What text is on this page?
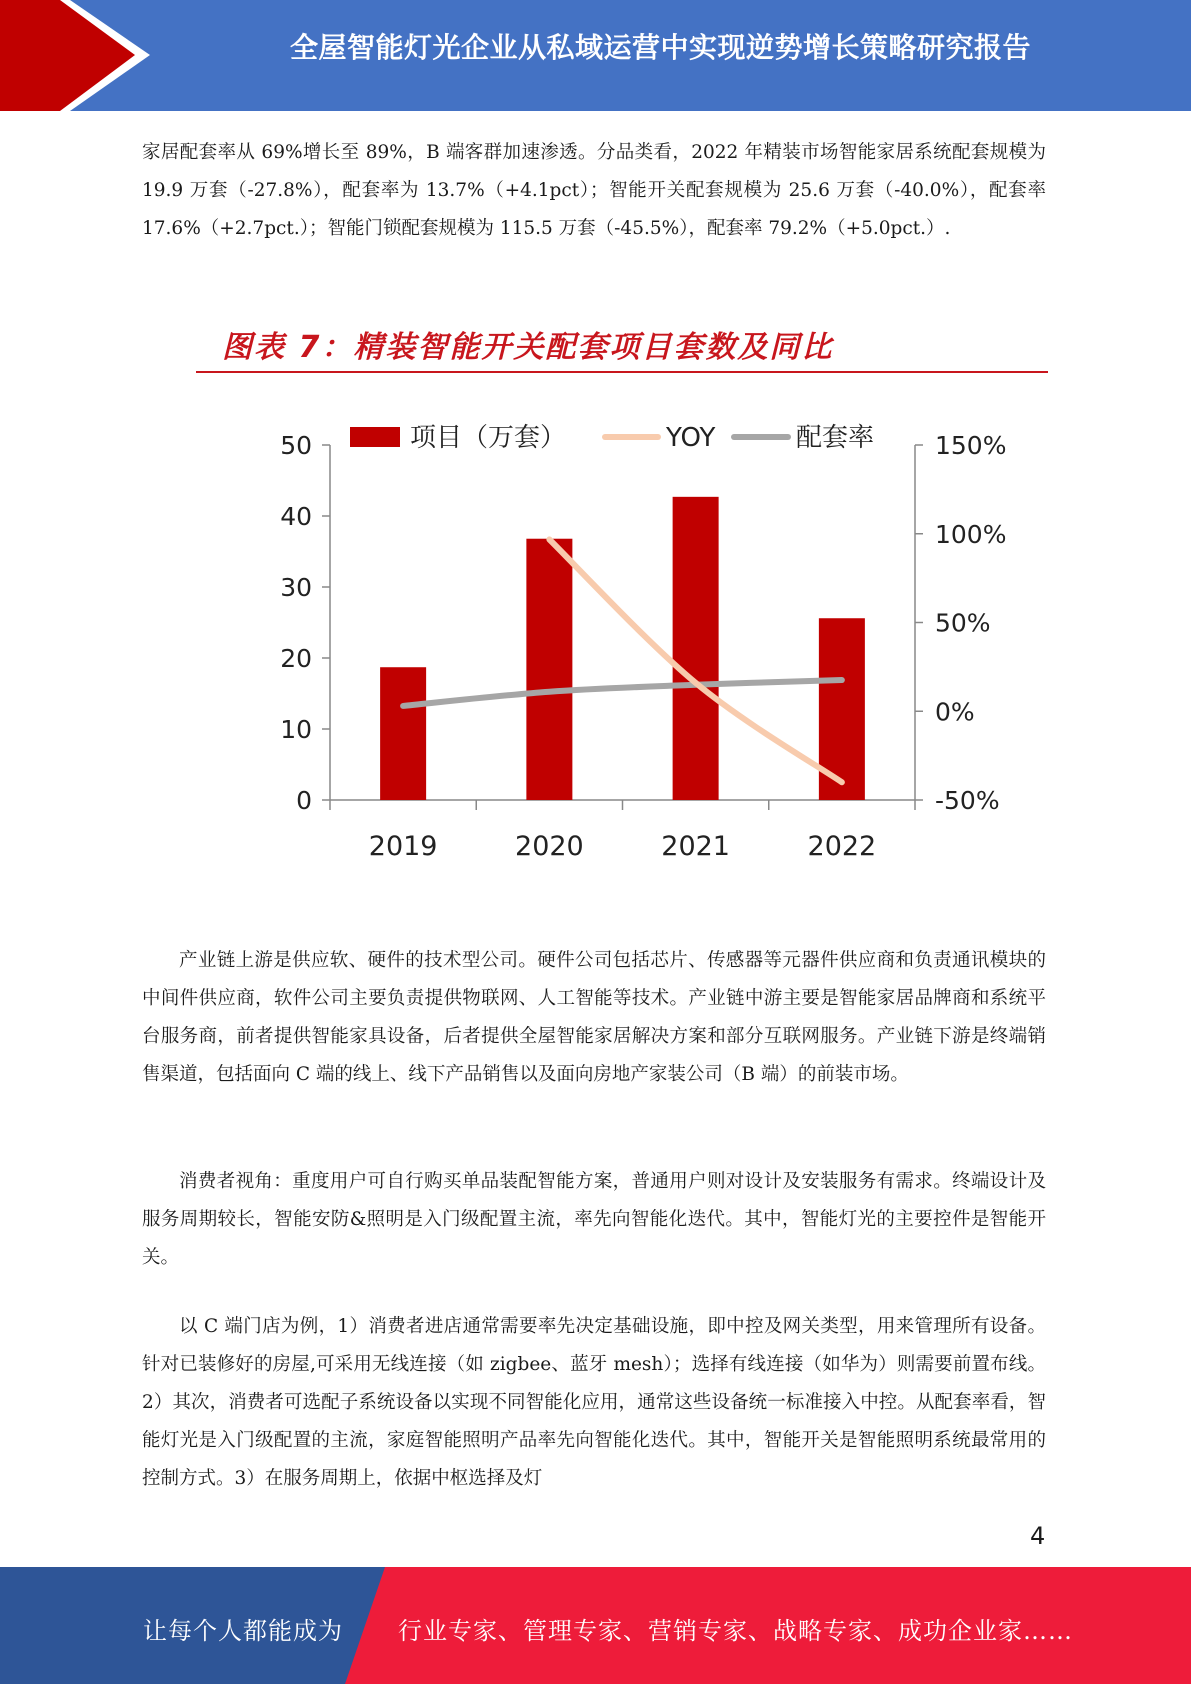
全屋智能灯光企业从私域运营中实现逆势增长策略研究报告

家居配套率从 69%增长至 89%，B 端客群加速渗透。分品类看，2022 年精装市场智能家居系统配套规模为 19.9 万套（-27.8%），配套率为 13.7%（+4.1pct）；智能开关配套规模为 25.6 万套（-40.0%），配套率 17.6%（+2.7pct.）；智能门锁配套规模为 115.5 万套（-45.5%），配套率 79.2%（+5.0pct.）.

图表 7：精装智能开关配套项目套数及同比
项目（万套）	YOY	配套率
0
10
20
30
40
50
-50%
0%
50%
100%
150%
2019	2020	2021	2022

产业链上游是供应软、硬件的技术型公司。硬件公司包括芯片、传感器等元器件供应商和负责通讯模块的中间件供应商，软件公司主要负责提供物联网、人工智能等技术。产业链中游主要是智能家居品牌商和系统平台服务商，前者提供智能家具设备，后者提供全屋智能家居解决方案和部分互联网服务。产业链下游是终端销售渠道，包括面向 C 端的线上、线下产品销售以及面向房地产家装公司（B 端）的前装市场。

消费者视角：重度用户可自行购买单品装配智能方案，普通用户则对设计及安装服务有需求。终端设计及服务周期较长，智能安防&照明是入门级配置主流，率先向智能化迭代。其中，智能灯光的主要控件是智能开关。

以 C 端门店为例，1）消费者进店通常需要率先决定基础设施，即中控及网关类型，用来管理所有设备。针对已装修好的房屋,可采用无线连接（如 zigbee、蓝牙 mesh）；选择有线连接（如华为）则需要前置布线。2）其次，消费者可选配子系统设备以实现不同智能化应用，通常这些设备统一标准接入中控。从配套率看，智能灯光是入门级配置的主流，家庭智能照明产品率先向智能化迭代。其中，智能开关是智能照明系统最常用的控制方式。3）在服务周期上，依据中枢选择及灯

4
让每个人都能成为 行业专家、管理专家、营销专家、战略专家、成功企业家……
